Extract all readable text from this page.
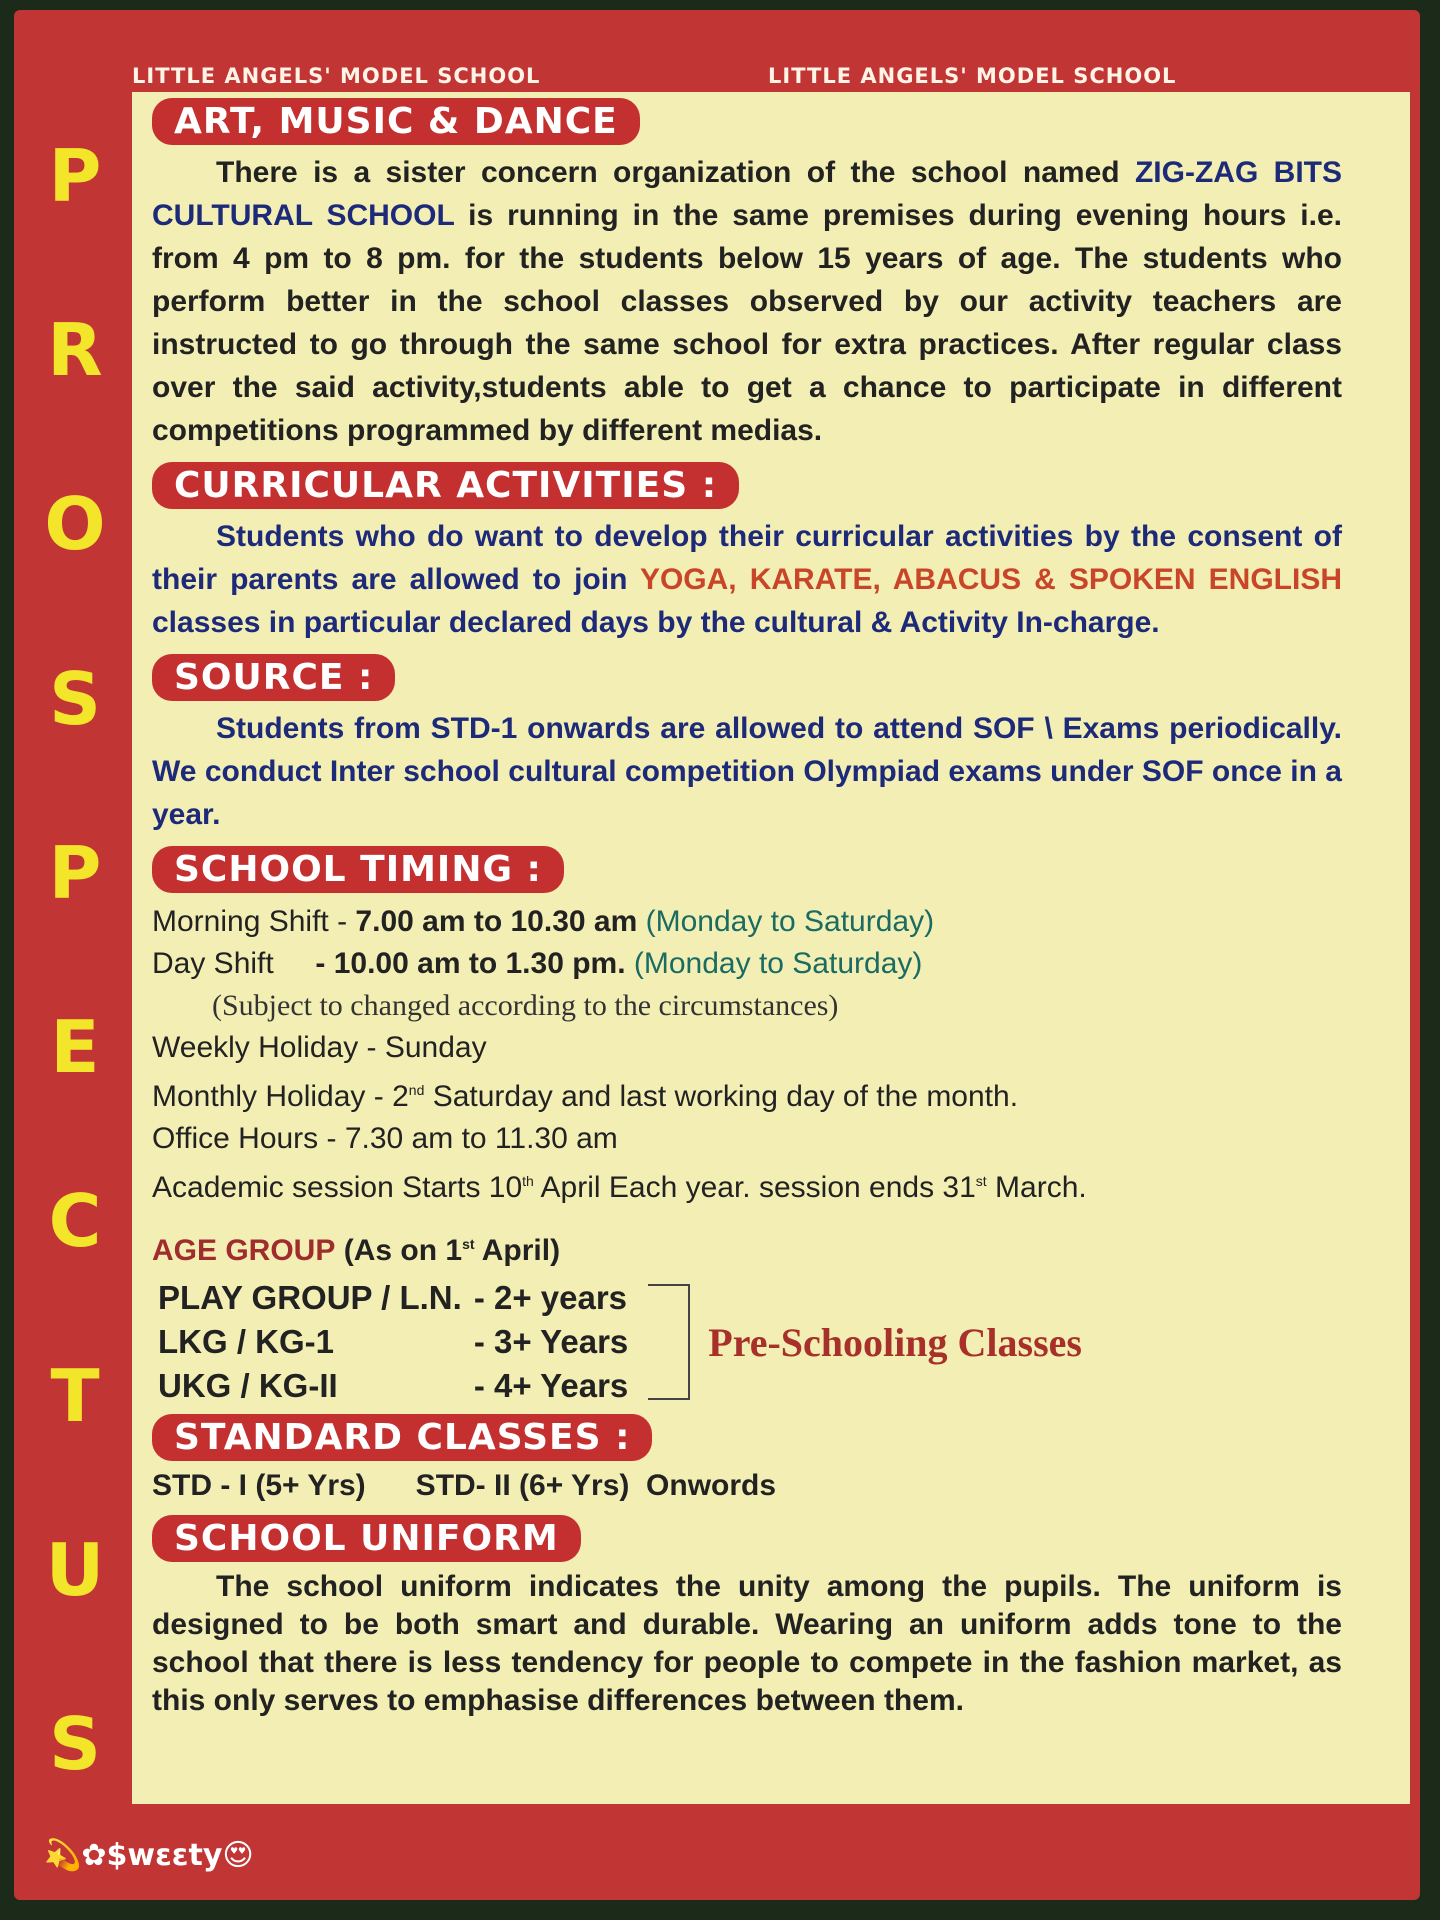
LITTLE ANGELS' MODEL SCHOOL	LITTLE ANGELS' MODEL SCHOOL
P
R
O
S
P
E
C
T
U
S
ART, MUSIC & DANCE
There is a sister concern organization of the school named ZIG-ZAG BITS CULTURAL SCHOOL is running in the same premises during evening hours i.e. from 4 pm to 8 pm. for the students below 15 years of age. The students who perform better in the school classes observed by our activity teachers are instructed to go through the same school for extra practices. After regular class over the said activity,students able to get a chance to participate in different competitions programmed by different medias.
CURRICULAR ACTIVITIES :
Students who do want to develop their curricular activities by the consent of their parents are allowed to join YOGA, KARATE, ABACUS & SPOKEN ENGLISH classes in particular declared days by the cultural & Activity In-charge.
SOURCE :
Students from STD-1 onwards are allowed to attend SOF \ Exams periodically. We conduct Inter school cultural competition Olympiad exams under SOF once in a year.
SCHOOL TIMING :
Morning Shift - 7.00 am to 10.30 am (Monday to Saturday)
Day Shift - 10.00 am to 1.30 pm. (Monday to Saturday)
(Subject to changed according to the circumstances)
Weekly Holiday - Sunday
Monthly Holiday - 2nd Saturday and last working day of the month.
Office Hours - 7.30 am to 11.30 am
Academic session Starts 10th April Each year. session ends 31st March.
AGE GROUP (As on 1st April)
PLAY GROUP / L.N.	- 2+ years
LKG / KG-1	- 3+ Years
UKG / KG-II	- 4+ Years
Pre-Schooling Classes
STANDARD CLASSES :
STD - I (5+ Yrs)      STD- II (6+ Yrs)  Onwords
SCHOOL UNIFORM
The school uniform indicates the unity among the pupils. The uniform is designed to be both smart and durable. Wearing an uniform adds tone to the school that there is less tendency for people to compete in the fashion market, as this only serves to emphasise differences between them.
💫✿$wεεty😍
